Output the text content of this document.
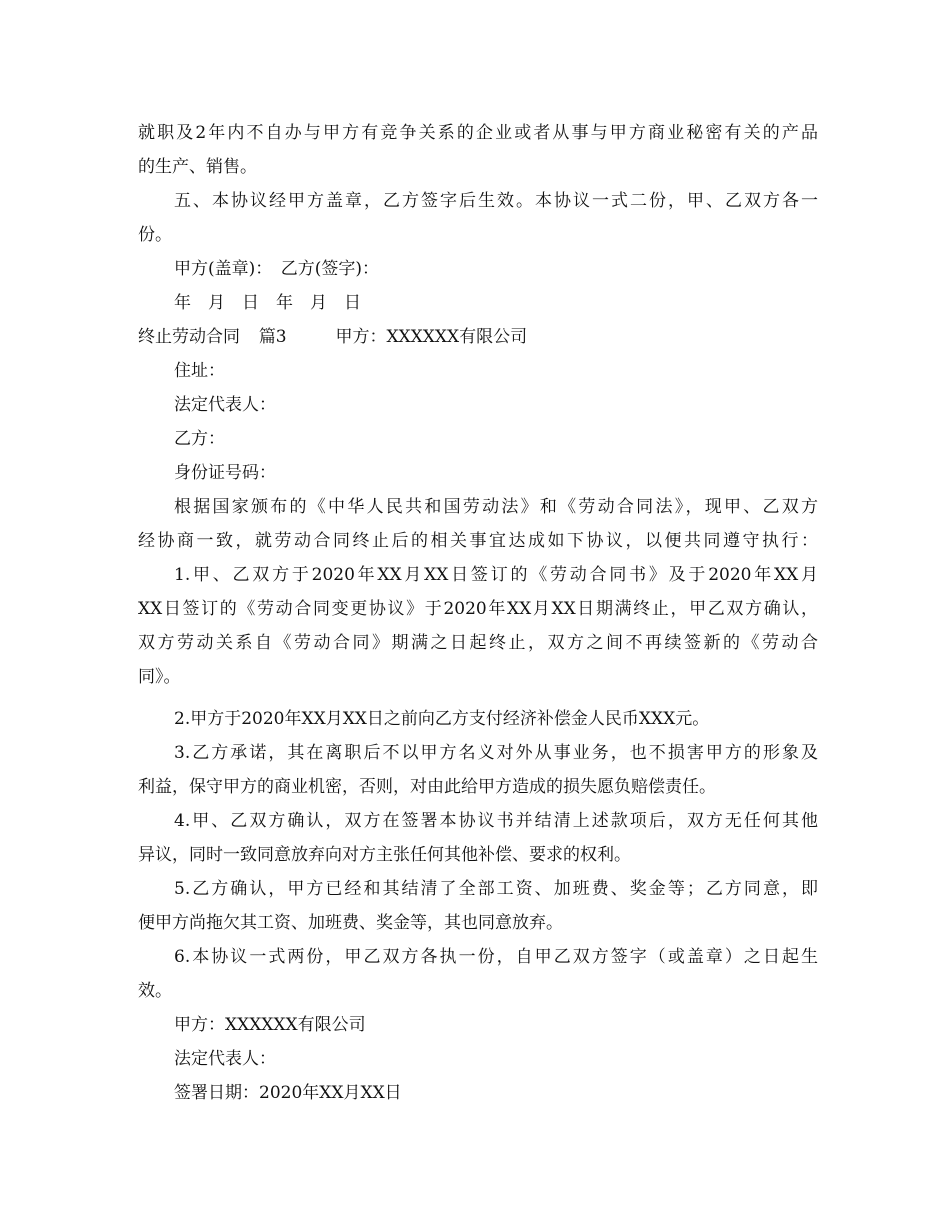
就职及2年内不自办与甲方有竞争关系的企业或者从事与甲方商业秘密有关的产品
的生产、销售。
五、本协议经甲方盖章，乙方签字后生效。本协议一式二份，甲、乙双方各一
份。
甲方(盖章)：　乙方(签字)：
年　月　日　年　月　日
终止劳动合同 篇3	甲方：XXXXXX有限公司
住址：
法定代表人：
乙方：
身份证号码：
根据国家颁布的《中华人民共和国劳动法》和《劳动合同法》，现甲、乙双方
经协商一致，就劳动合同终止后的相关事宜达成如下协议，以便共同遵守执行：
1.甲、乙双方于2020年XX月XX日签订的《劳动合同书》及于2020年XX月
XX日签订的《劳动合同变更协议》于2020年XX月XX日期满终止，甲乙双方确认，
双方劳动关系自《劳动合同》期满之日起终止，双方之间不再续签新的《劳动合
同》。
2.甲方于2020年XX月XX日之前向乙方支付经济补偿金人民币XXX元。
3.乙方承诺，其在离职后不以甲方名义对外从事业务，也不损害甲方的形象及
利益，保守甲方的商业机密，否则，对由此给甲方造成的损失愿负赔偿责任。
4.甲、乙双方确认，双方在签署本协议书并结清上述款项后，双方无任何其他
异议，同时一致同意放弃向对方主张任何其他补偿、要求的权利。
5.乙方确认，甲方已经和其结清了全部工资、加班费、奖金等；乙方同意，即
便甲方尚拖欠其工资、加班费、奖金等，其也同意放弃。
6.本协议一式两份，甲乙双方各执一份，自甲乙双方签字（或盖章）之日起生
效。
甲方：XXXXXX有限公司
法定代表人：
签署日期：2020年XX月XX日
